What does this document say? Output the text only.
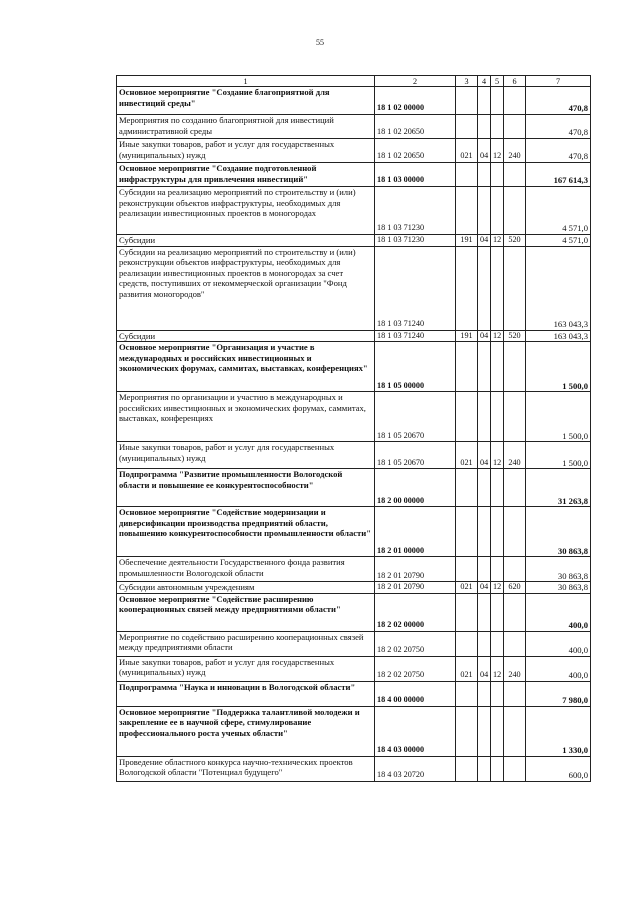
55
1	2	3	4	5	6	7
Основное мероприятие "Создание благоприятной для инвестиций среды"	18 1 02 00000					470,8
Мероприятия по созданию благоприятной для инвестиций административной среды	18 1 02 20650					470,8
Иные закупки товаров, работ и услуг для государственных (муниципальных) нужд	18 1 02 20650	021	04	12	240	470,8
Основное мероприятие "Создание подготовленной инфраструктуры для привлечения инвестиций"	18 1 03 00000					167 614,3
Субсидии на реализацию мероприятий по строительству и (или) реконструкции объектов инфраструктуры, необходимых для реализации инвестиционных проектов в моногородах	18 1 03 71230					4 571,0
Субсидии	18 1 03 71230	191	04	12	520	4 571,0
Субсидии на реализацию мероприятий по строительству и (или) реконструкции объектов инфраструктуры, необходимых для реализации инвестиционных проектов в моногородах за счет средств, поступивших от некоммерческой организации "Фонд развития моногородов"	18 1 03 71240					163 043,3
Субсидии	18 1 03 71240	191	04	12	520	163 043,3
Основное мероприятие "Организация и участие в международных и российских инвестиционных и экономических форумах, саммитах, выставках, конференциях"	18 1 05 00000					1 500,0
Мероприятия по организации и участию в международных и российских инвестиционных и экономических форумах, саммитах, выставках, конференциях	18 1 05 20670					1 500,0
Иные закупки товаров, работ и услуг для государственных (муниципальных) нужд	18 1 05 20670	021	04	12	240	1 500,0
Подпрограмма "Развитие промышленности Вологодской области и повышение ее конкурентоспособности"	18 2 00 00000					31 263,8
Основное мероприятие "Содействие модернизации и диверсификации производства предприятий области, повышению конкурентоспособности промышленности области"	18 2 01 00000					30 863,8
Обеспечение деятельности Государственного фонда развития промышленности Вологодской области	18 2 01 20790					30 863,8
Субсидии автономным учреждениям	18 2 01 20790	021	04	12	620	30 863,8
Основное мероприятие "Содействие расширению кооперационных связей между предприятиями области"	18 2 02 00000					400,0
Мероприятие по содействию расширению кооперационных связей между предприятиями области	18 2 02 20750					400,0
Иные закупки товаров, работ и услуг для государственных (муниципальных) нужд	18 2 02 20750	021	04	12	240	400,0
Подпрограмма "Наука и инновации в Вологодской области"	18 4 00 00000					7 980,0
Основное мероприятие "Поддержка талантливой молодежи и закрепление ее в научной сфере, стимулирование профессионального роста ученых области"	18 4 03 00000					1 330,0
Проведение областного конкурса научно-технических проектов Вологодской области "Потенциал будущего"	18 4 03 20720					600,0
